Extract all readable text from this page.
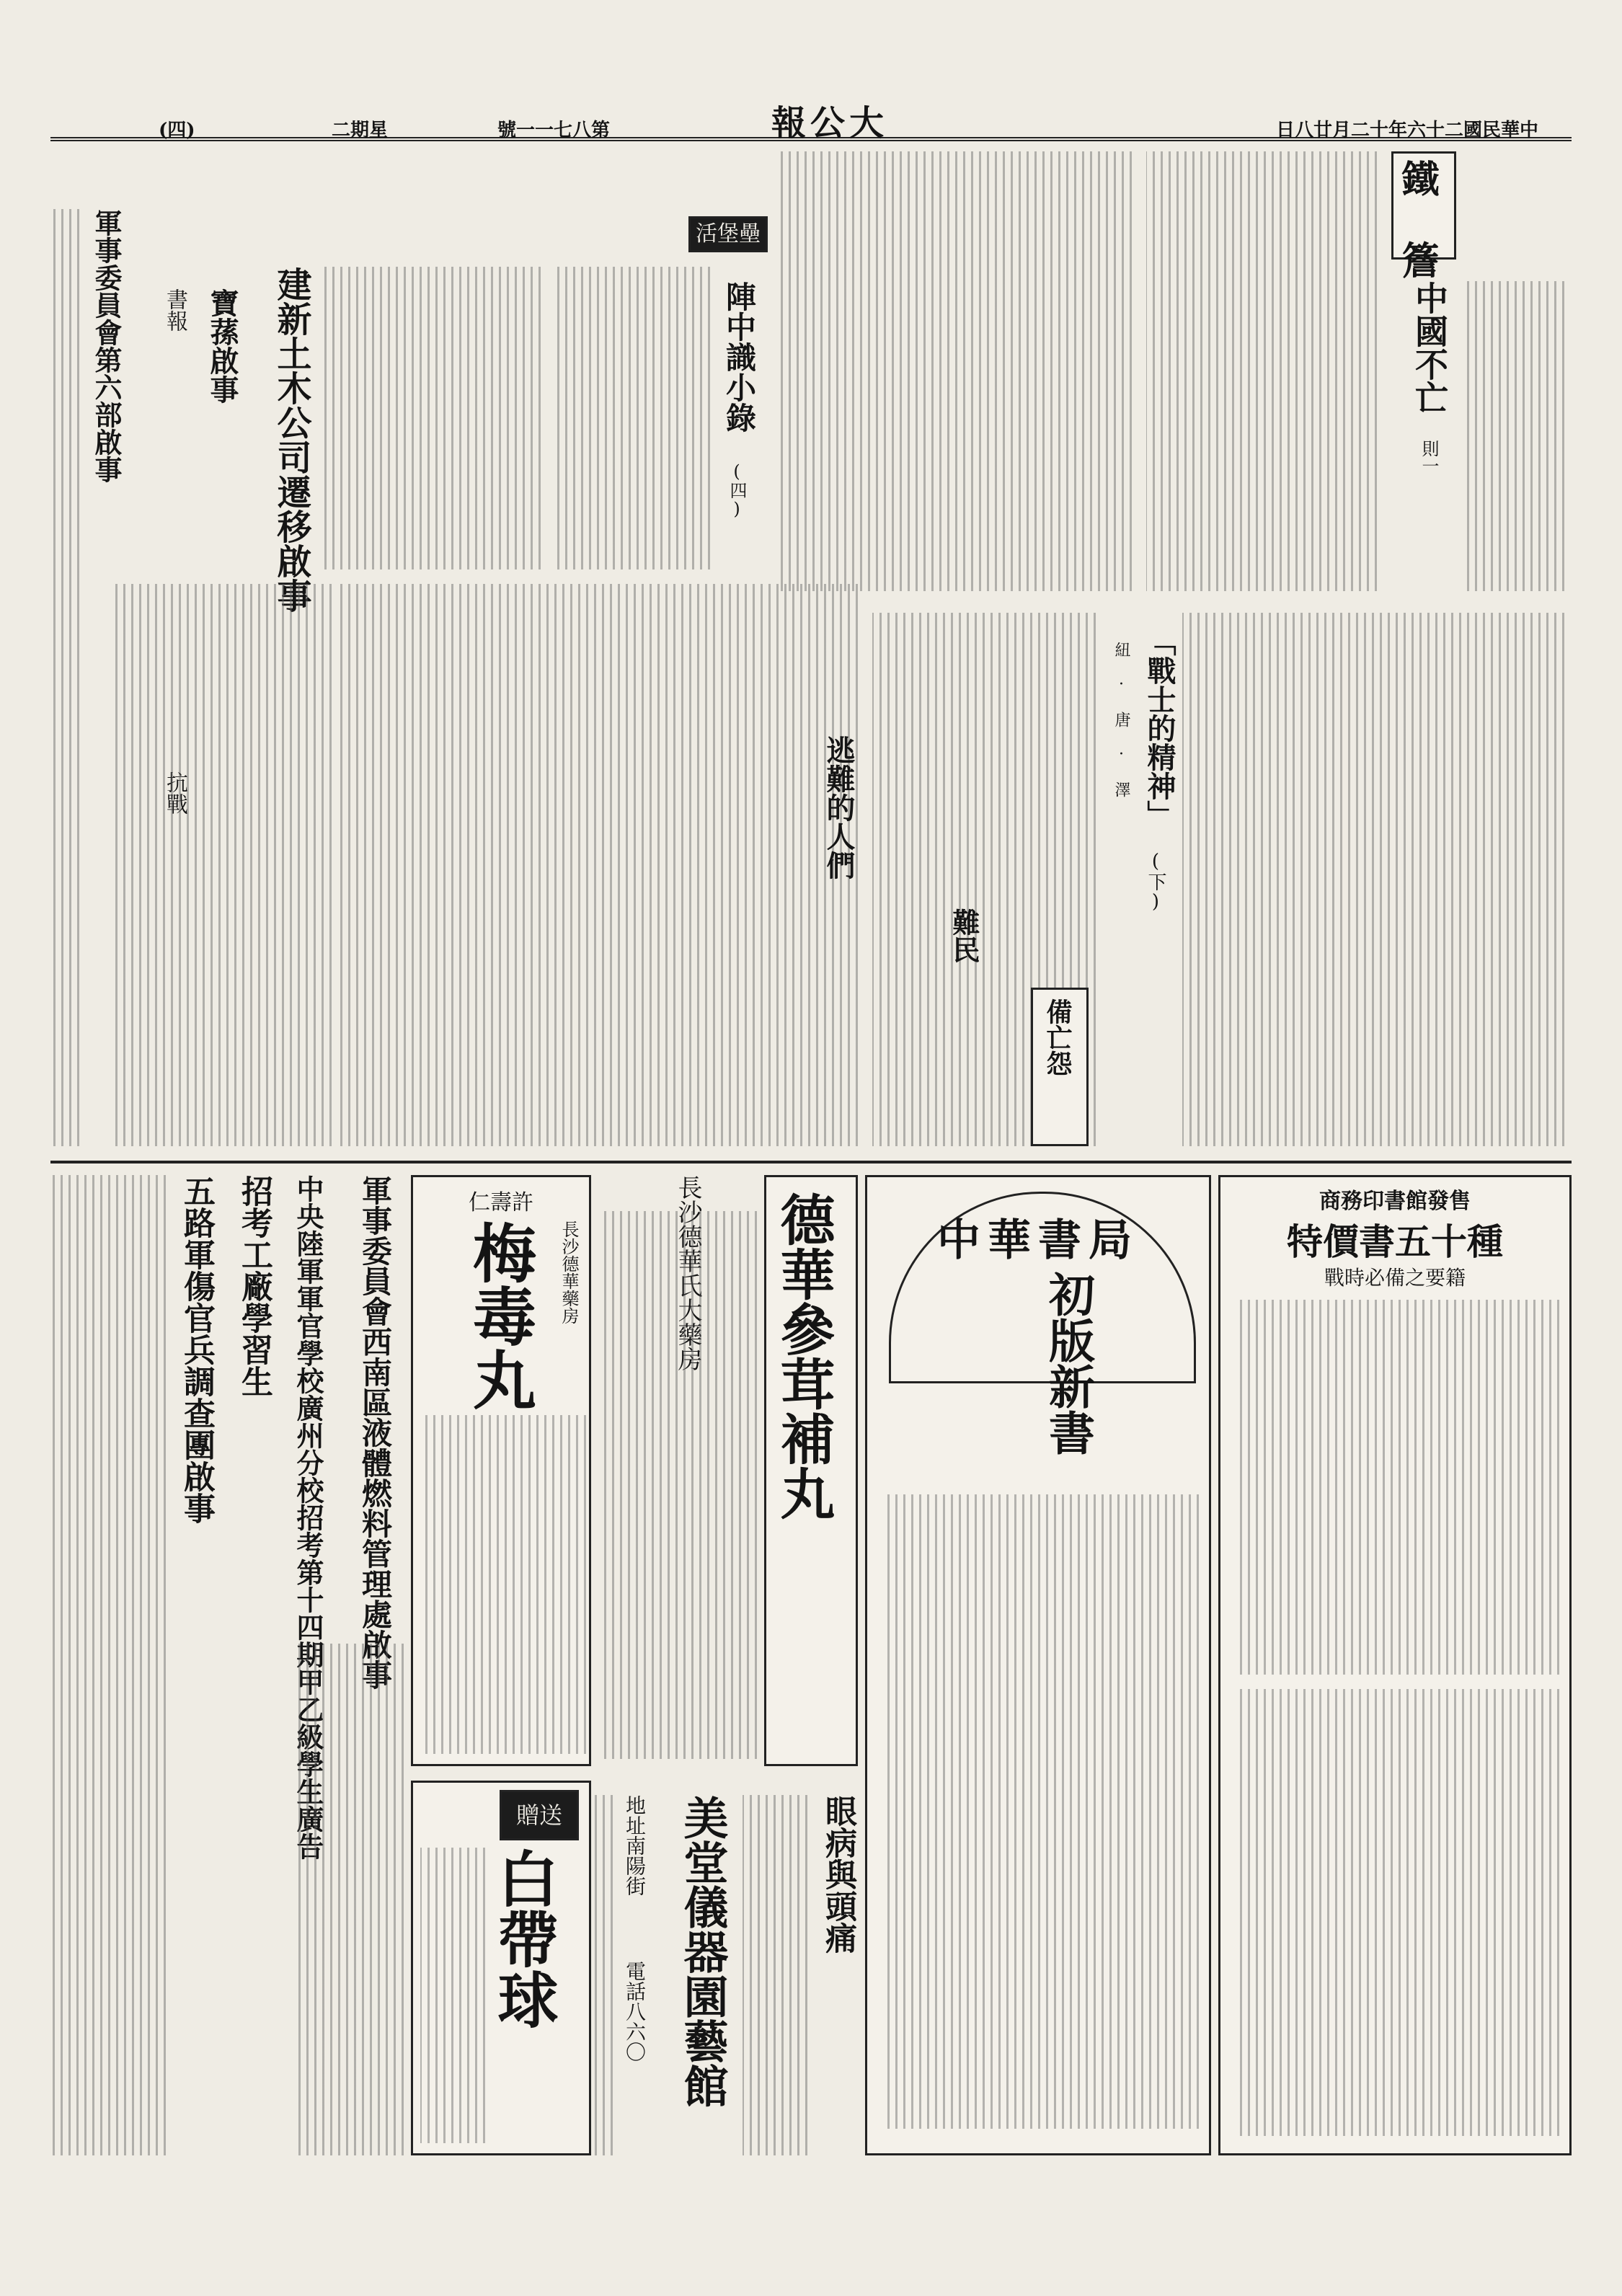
日八廿月二十年六十二國民華中
報公大
號一一七八第
二期星
(四)
鐵 簷
中國不亡
則一
「戰士的精神」
(下)
紐 · 唐 · 澤
活堡壘
陣中識小錄
(四)
逃難的人們
難民
備亡怨
建新土木公司遷移啟事
寶蓀啟事
書報
抗戰
軍事委員會第六部啟事
商務印書館發售
特價書五十種
戰時必備之要籍
中華書局
初版新書
德華參茸補丸
長沙德華氏大藥房
眼病與頭痛
美堂儀器園藝館
地址南陽街
電話八六〇
仁壽許
梅毒丸	長沙德華藥房
贈送
白帶球
軍事委員會西南區液體燃料管理處啟事
中央陸軍軍官學校廣州分校招考第十四期甲乙級學生廣告
招考工廠學習生
五路軍傷官兵調查團啟事
